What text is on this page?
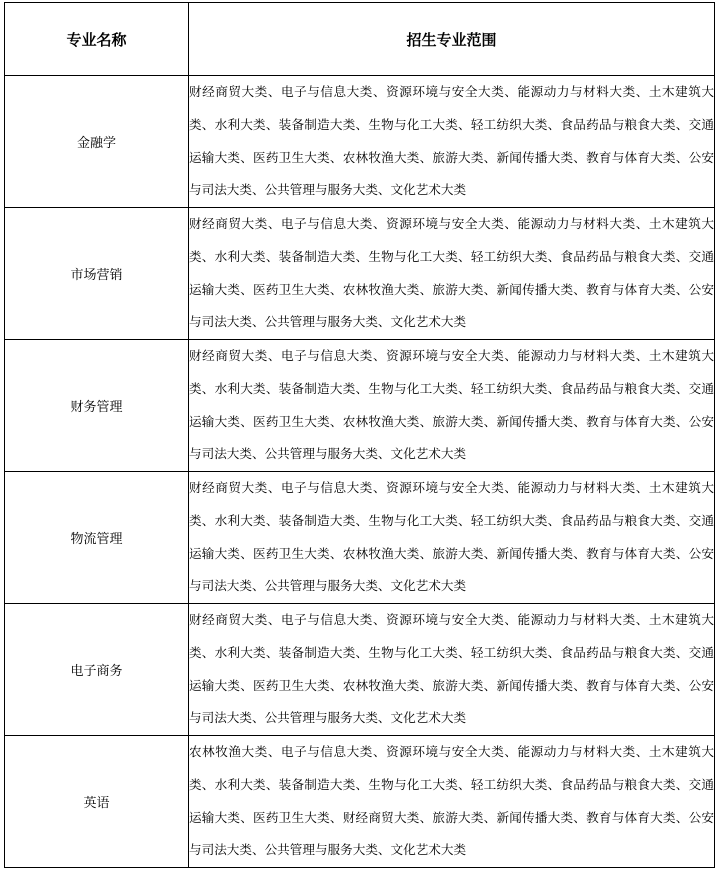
专业名称	招生专业范围
金融学	财经商贸大类、电子与信息大类、资源环境与安全大类、能源动力与材料大类、土木建筑大类、水利大类、装备制造大类、生物与化工大类、轻工纺织大类、食品药品与粮食大类、交通运输大类、医药卫生大类、农林牧渔大类、旅游大类、新闻传播大类、教育与体育大类、公安与司法大类、公共管理与服务大类、文化艺术大类
市场营销	财经商贸大类、电子与信息大类、资源环境与安全大类、能源动力与材料大类、土木建筑大类、水利大类、装备制造大类、生物与化工大类、轻工纺织大类、食品药品与粮食大类、交通运输大类、医药卫生大类、农林牧渔大类、旅游大类、新闻传播大类、教育与体育大类、公安与司法大类、公共管理与服务大类、文化艺术大类
财务管理	财经商贸大类、电子与信息大类、资源环境与安全大类、能源动力与材料大类、土木建筑大类、水利大类、装备制造大类、生物与化工大类、轻工纺织大类、食品药品与粮食大类、交通运输大类、医药卫生大类、农林牧渔大类、旅游大类、新闻传播大类、教育与体育大类、公安与司法大类、公共管理与服务大类、文化艺术大类
物流管理	财经商贸大类、电子与信息大类、资源环境与安全大类、能源动力与材料大类、土木建筑大类、水利大类、装备制造大类、生物与化工大类、轻工纺织大类、食品药品与粮食大类、交通运输大类、医药卫生大类、农林牧渔大类、旅游大类、新闻传播大类、教育与体育大类、公安与司法大类、公共管理与服务大类、文化艺术大类
电子商务	财经商贸大类、电子与信息大类、资源环境与安全大类、能源动力与材料大类、土木建筑大类、水利大类、装备制造大类、生物与化工大类、轻工纺织大类、食品药品与粮食大类、交通运输大类、医药卫生大类、农林牧渔大类、旅游大类、新闻传播大类、教育与体育大类、公安与司法大类、公共管理与服务大类、文化艺术大类
英语	农林牧渔大类、电子与信息大类、资源环境与安全大类、能源动力与材料大类、土木建筑大类、水利大类、装备制造大类、生物与化工大类、轻工纺织大类、食品药品与粮食大类、交通运输大类、医药卫生大类、财经商贸大类、旅游大类、新闻传播大类、教育与体育大类、公安与司法大类、公共管理与服务大类、文化艺术大类
